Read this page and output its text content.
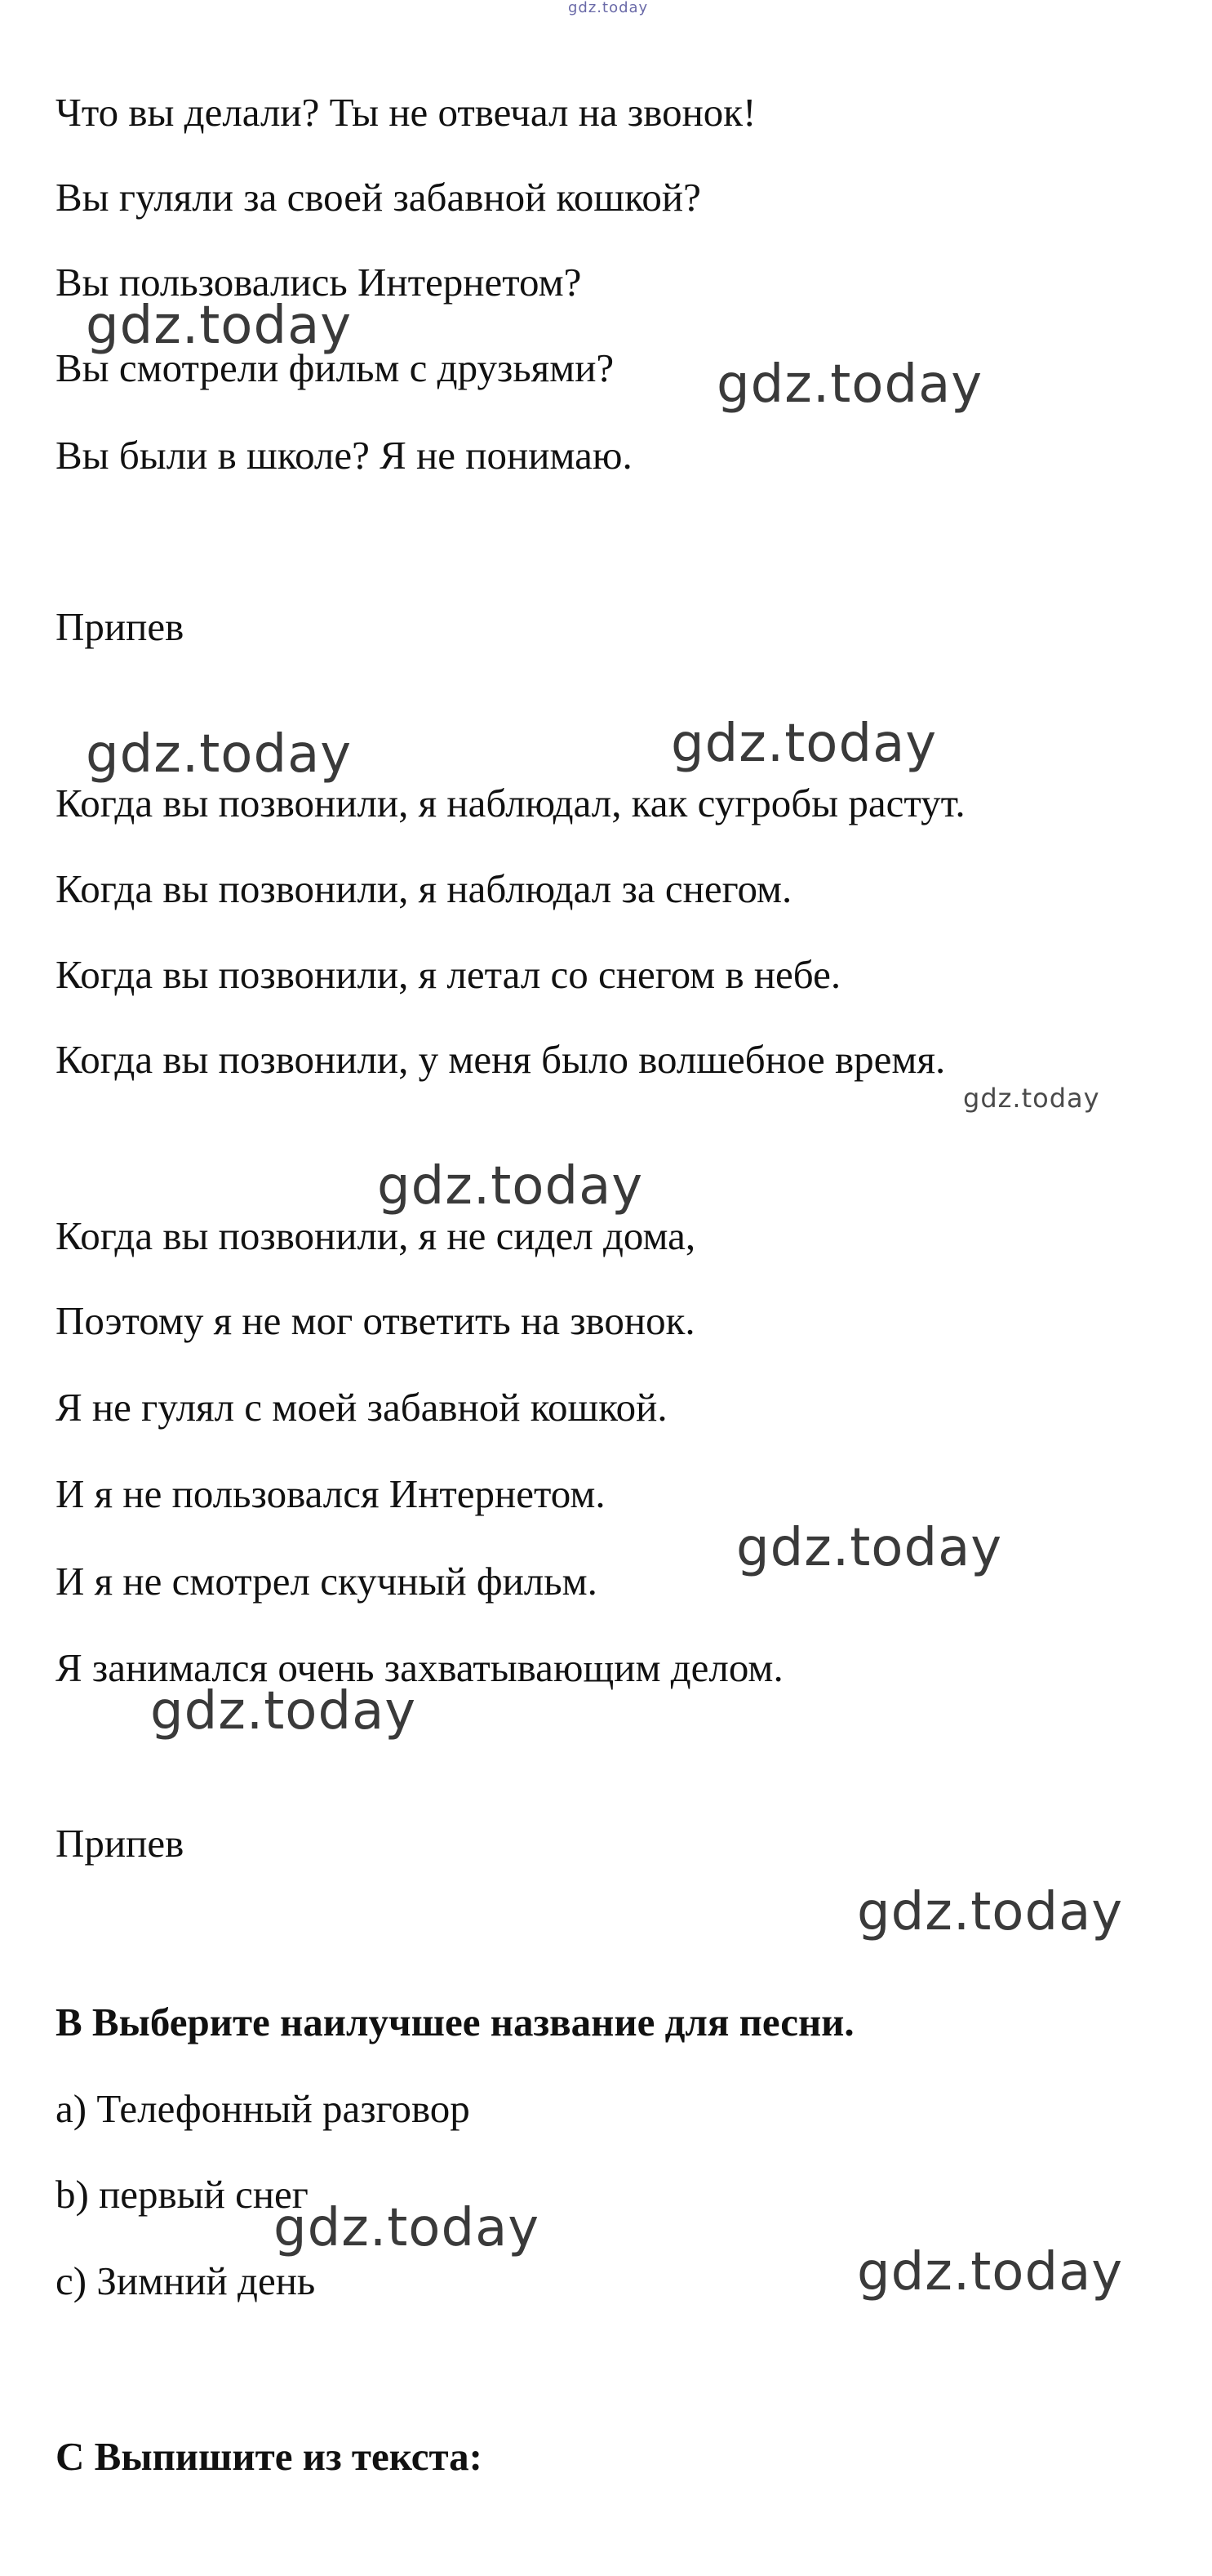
gdz.today

Что вы делали? Ты не отвечал на звонок!

Вы гуляли за своей забавной кошкой?

Вы пользовались Интернетом?

Вы смотрели фильм с друзьями?

Вы были в школе? Я не понимаю.

Припев

Когда вы позвонили, я наблюдал, как сугробы растут.

Когда вы позвонили, я наблюдал за снегом.

Когда вы позвонили, я летал со снегом в небе.

Когда вы позвонили, у меня было волшебное время.

Когда вы позвонили, я не сидел дома,

Поэтому я не мог ответить на звонок.

Я не гулял с моей забавной кошкой.

И я не пользовался Интернетом.

И я не смотрел скучный фильм.

Я занимался очень захватывающим делом.

Припев

В Выберите наилучшее название для песни.

a) Телефонный разговор

b) первый снег

c) Зимний день

С Выпишите из текста:

gdz.today
gdz.today
gdz.today	gdz.today
gdz.today
gdz.today
gdz.today
gdz.today
gdz.today
gdz.today
gdz.today
